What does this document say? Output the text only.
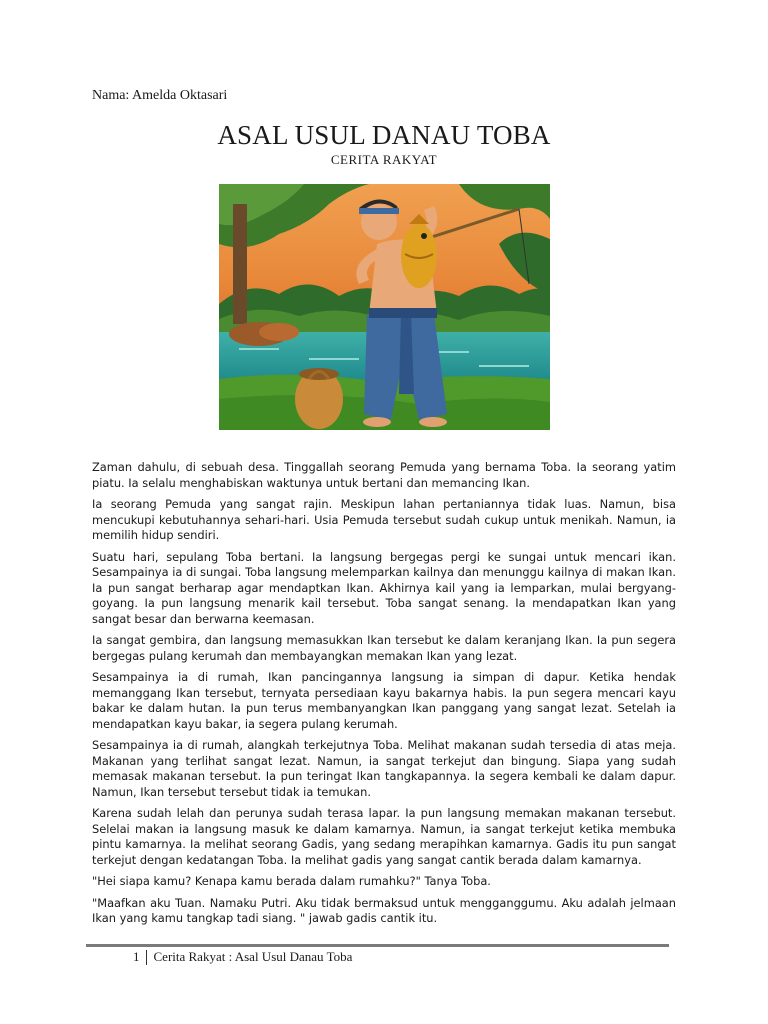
Nama: Amelda Oktasari
ASAL USUL DANAU TOBA
CERITA RAKYAT

Zaman dahulu, di sebuah desa. Tinggallah seorang Pemuda yang bernama Toba. Ia seorang yatim piatu. Ia selalu menghabiskan waktunya untuk bertani dan memancing Ikan.

Ia seorang Pemuda yang sangat rajin. Meskipun lahan pertaniannya tidak luas. Namun, bisa mencukupi kebutuhannya sehari-hari. Usia Pemuda tersebut sudah cukup untuk menikah. Namun, ia memilih hidup sendiri.

Suatu hari, sepulang Toba bertani. Ia langsung bergegas pergi ke sungai untuk mencari ikan. Sesampainya ia di sungai. Toba langsung melemparkan kailnya dan menunggu kailnya di makan Ikan. Ia pun sangat berharap agar mendaptkan Ikan. Akhirnya kail yang ia lemparkan, mulai bergyang-goyang. Ia pun langsung menarik kail tersebut. Toba sangat senang. Ia mendapatkan Ikan yang sangat besar dan berwarna keemasan.

Ia sangat gembira, dan langsung memasukkan Ikan tersebut ke dalam keranjang Ikan. Ia pun segera bergegas pulang kerumah dan membayangkan memakan Ikan yang lezat.

Sesampainya ia di rumah, Ikan pancingannya langsung ia simpan di dapur. Ketika hendak memanggang Ikan tersebut, ternyata persediaan kayu bakarnya habis. Ia pun segera mencari kayu bakar ke dalam hutan. Ia pun terus membanyangkan Ikan panggang yang sangat lezat. Setelah ia mendapatkan kayu bakar, ia segera pulang kerumah.

Sesampainya ia di rumah, alangkah terkejutnya Toba. Melihat makanan sudah tersedia di atas meja. Makanan yang terlihat sangat lezat. Namun, ia sangat terkejut dan bingung. Siapa yang sudah memasak makanan tersebut. Ia pun teringat Ikan tangkapannya. Ia segera kembali ke dalam dapur. Namun, Ikan tersebut tersebut tidak ia temukan.

Karena sudah lelah dan perunya sudah terasa lapar. Ia pun langsung memakan makanan tersebut. Selelai makan ia langsung masuk ke dalam kamarnya. Namun, ia sangat terkejut ketika membuka pintu kamarnya. Ia melihat seorang Gadis, yang sedang merapihkan kamarnya. Gadis itu pun sangat terkejut dengan kedatangan Toba. Ia melihat gadis yang sangat cantik berada dalam kamarnya.

"Hei siapa kamu? Kenapa kamu berada dalam rumahku?" Tanya Toba.

"Maafkan aku Tuan. Namaku Putri. Aku tidak bermaksud untuk mengganggumu. Aku adalah jelmaan Ikan yang kamu tangkap tadi siang. " jawab gadis cantik itu.

1 Cerita Rakyat : Asal Usul Danau Toba
